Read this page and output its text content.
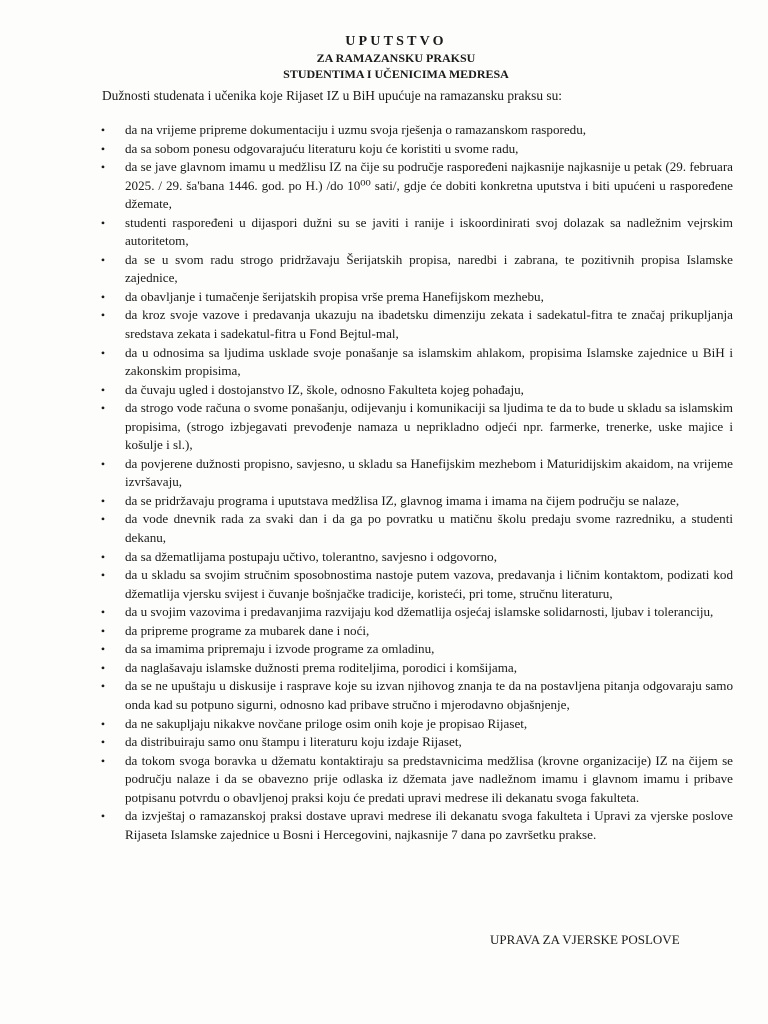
UPUTSTVO
ZA RAMAZANSKU PRAKSU
STUDENTIMA I UČENICIMA MEDRESA

Dužnosti studenata i učenika koje Rijaset IZ u BiH upućuje na ramazansku praksu su:

•
da na vrijeme pripreme dokumentaciju i uzmu svoja rješenja o ramazanskom rasporedu,
•
da sa sobom ponesu odgovarajuću literaturu koju će koristiti u svome radu,
•
da se jave glavnom imamu u medžlisu IZ na čije su područje raspoređeni najkasnije najkasnije u petak (29. februara 2025. / 29. ša'bana 1446. god. po H.) /do 10⁰⁰ sati/, gdje će dobiti konkretna uputstva i biti upućeni u raspoređene džemate,
•
studenti raspoređeni u dijaspori dužni su se javiti i ranije i iskoordinirati svoj dolazak sa nadležnim vejrskim autoritetom,
•
da se u svom radu strogo pridržavaju Šerijatskih propisa, naredbi i zabrana, te pozitivnih propisa Islamske zajednice,
•
da obavljanje i tumačenje šerijatskih propisa vrše prema Hanefijskom mezhebu,
•
da kroz svoje vazove i predavanja ukazuju na ibadetsku dimenziju zekata i sadekatul-fitra te značaj prikupljanja sredstava zekata i sadekatul-fitra u Fond Bejtul-mal,
•
da u odnosima sa ljudima uskladе svoje ponašanje sa islamskim ahlakom, propisima Islamske zajednice u BiH i zakonskim propisima,
•
da čuvaju ugled i dostojanstvo IZ, škole, odnosno Fakulteta kojeg pohađaju,
•
da strogo vode računa o svome ponašanju, odijevanju i komunikaciji sa ljudima te da to bude u skladu sa islamskim propisima, (strogo izbjegavati prevođenje namaza u neprikladno odjeći npr. farmerke, trenerke, uske majice i košulje i sl.),
•
da povjerene dužnosti propisno, savjesno, u skladu sa Hanefijskim mezhebom i Maturidijskim akaidom, na vrijeme izvršavaju,
•
da se pridržavaju programa i uputstava medžlisa IZ, glavnog imama i imama na čijem području se nalaze,
•
da vode dnevnik rada za svaki dan i da ga po povratku u matičnu školu predaju svome razredniku, a studenti dekanu,
•
da sa džematlijama postupaju učtivo, tolerantno, savjesno i odgovorno,
•
da u skladu sa svojim stručnim sposobnostima nastoje putem vazova, predavanja i ličnim kontaktom, podizati kod džematlija vjersku svijest i čuvanje bošnjačke tradicije, koristeći, pri tome, stručnu literaturu,
•
da u svojim vazovima i predavanjima razvijaju kod džematlija osjećaj islamske solidarnosti, ljubav i toleranciju,
•
da pripreme programe za mubarek dane i noći,
•
da sa imamima pripremaju i izvode programe za omladinu,
•
da naglašavaju islamske dužnosti prema roditeljima, porodici i komšijama,
•
da se ne upuštaju u diskusije i rasprave koje su izvan njihovog znanja te da na postavljena pitanja odgovaraju samo onda kad su potpuno sigurni, odnosno kad pribave stručno i mjerodavno objašnjenje,
•
da ne sakupljaju nikakve novčane priloge osim onih koje je propisao Rijaset,
•
da distribuiraju samo onu štampu i literaturu koju izdaje Rijaset,
•
da tokom svoga boravka u džematu kontaktiraju sa predstavnicima medžlisa (krovne organizacije) IZ na čijem se području nalaze i da se obavezno prije odlaska iz džemata jave nadležnom imamu i glavnom imamu i pribave potpisanu potvrdu o obavljenoj praksi koju će predati upravi medrese ili dekanatu svoga fakulteta.
•
da izvještaj o ramazanskoj praksi dostave upravi medrese ili dekanatu svoga fakulteta i Upravi za vjerske poslove Rijaseta Islamske zajednice u Bosni i Hercegovini, najkasnije 7 dana po završetku prakse.

UPRAVA ZA VJERSKE POSLOVE
